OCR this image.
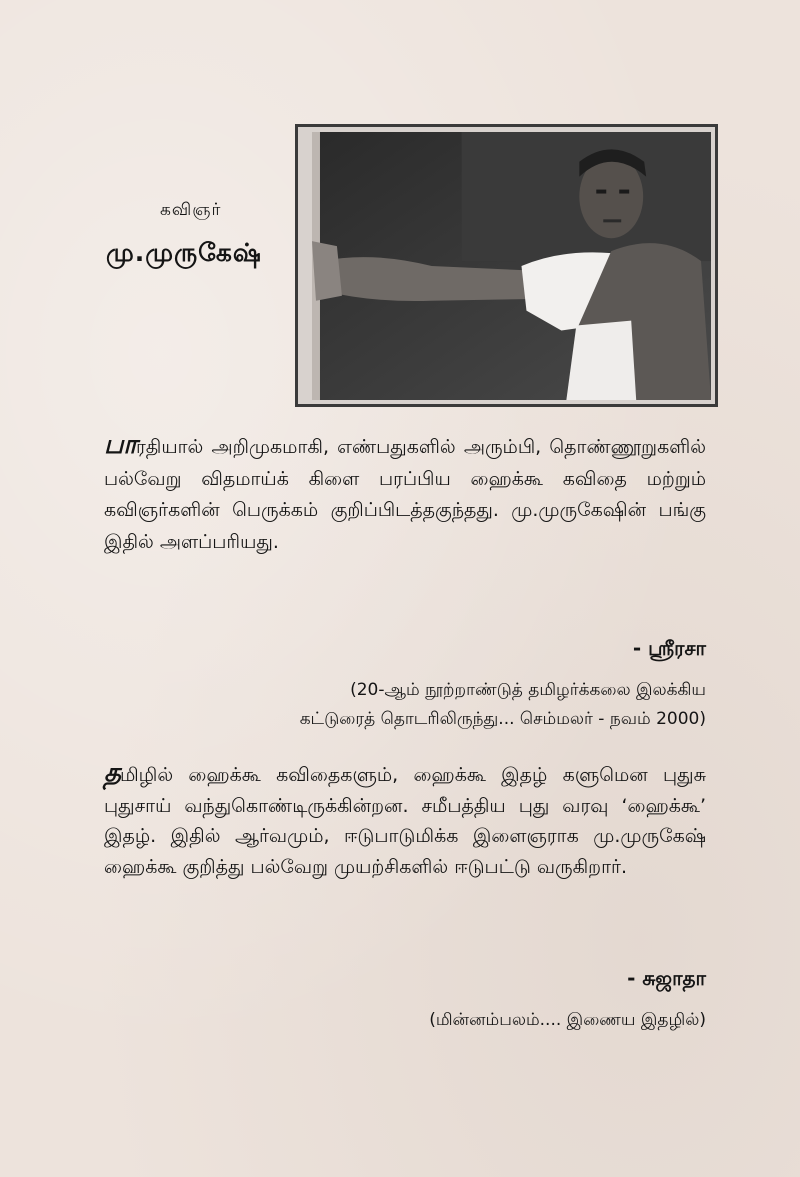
கவிஞர்
மு.முருகேஷ்
பாரதியால் அறிமுகமாகி, எண்பதுகளில் அரும்பி, தொண்ணூறுகளில் பல்வேறு விதமாய்க் கிளை பரப்பிய ஹைக்கூ கவிதை மற்றும் கவிஞர்களின் பெருக்கம் குறிப்பிடத்தகுந்தது. மு.முருகேஷின் பங்கு இதில் அளப்பரியது.
- ஸ்ரீரசா
(20-ஆம் நூற்றாண்டுத் தமிழர்க்கலை இலக்கிய
கட்டுரைத் தொடரிலிருந்து... செம்மலர் - நவம் 2000)
தமிழில் ஹைக்கூ கவிதைகளும், ஹைக்கூ இதழ் களுமென புதுசு புதுசாய் வந்துகொண்டிருக்கின்றன. சமீபத்திய புது வரவு ‘ஹைக்கூ’ இதழ். இதில் ஆர்வமும், ஈடுபாடுமிக்க இளைஞராக மு.முருகேஷ் ஹைக்கூ குறித்து பல்வேறு முயற்சிகளில் ஈடுபட்டு வருகிறார்.
- சுஜாதா
(மின்னம்பலம்.... இணைய இதழில்)
